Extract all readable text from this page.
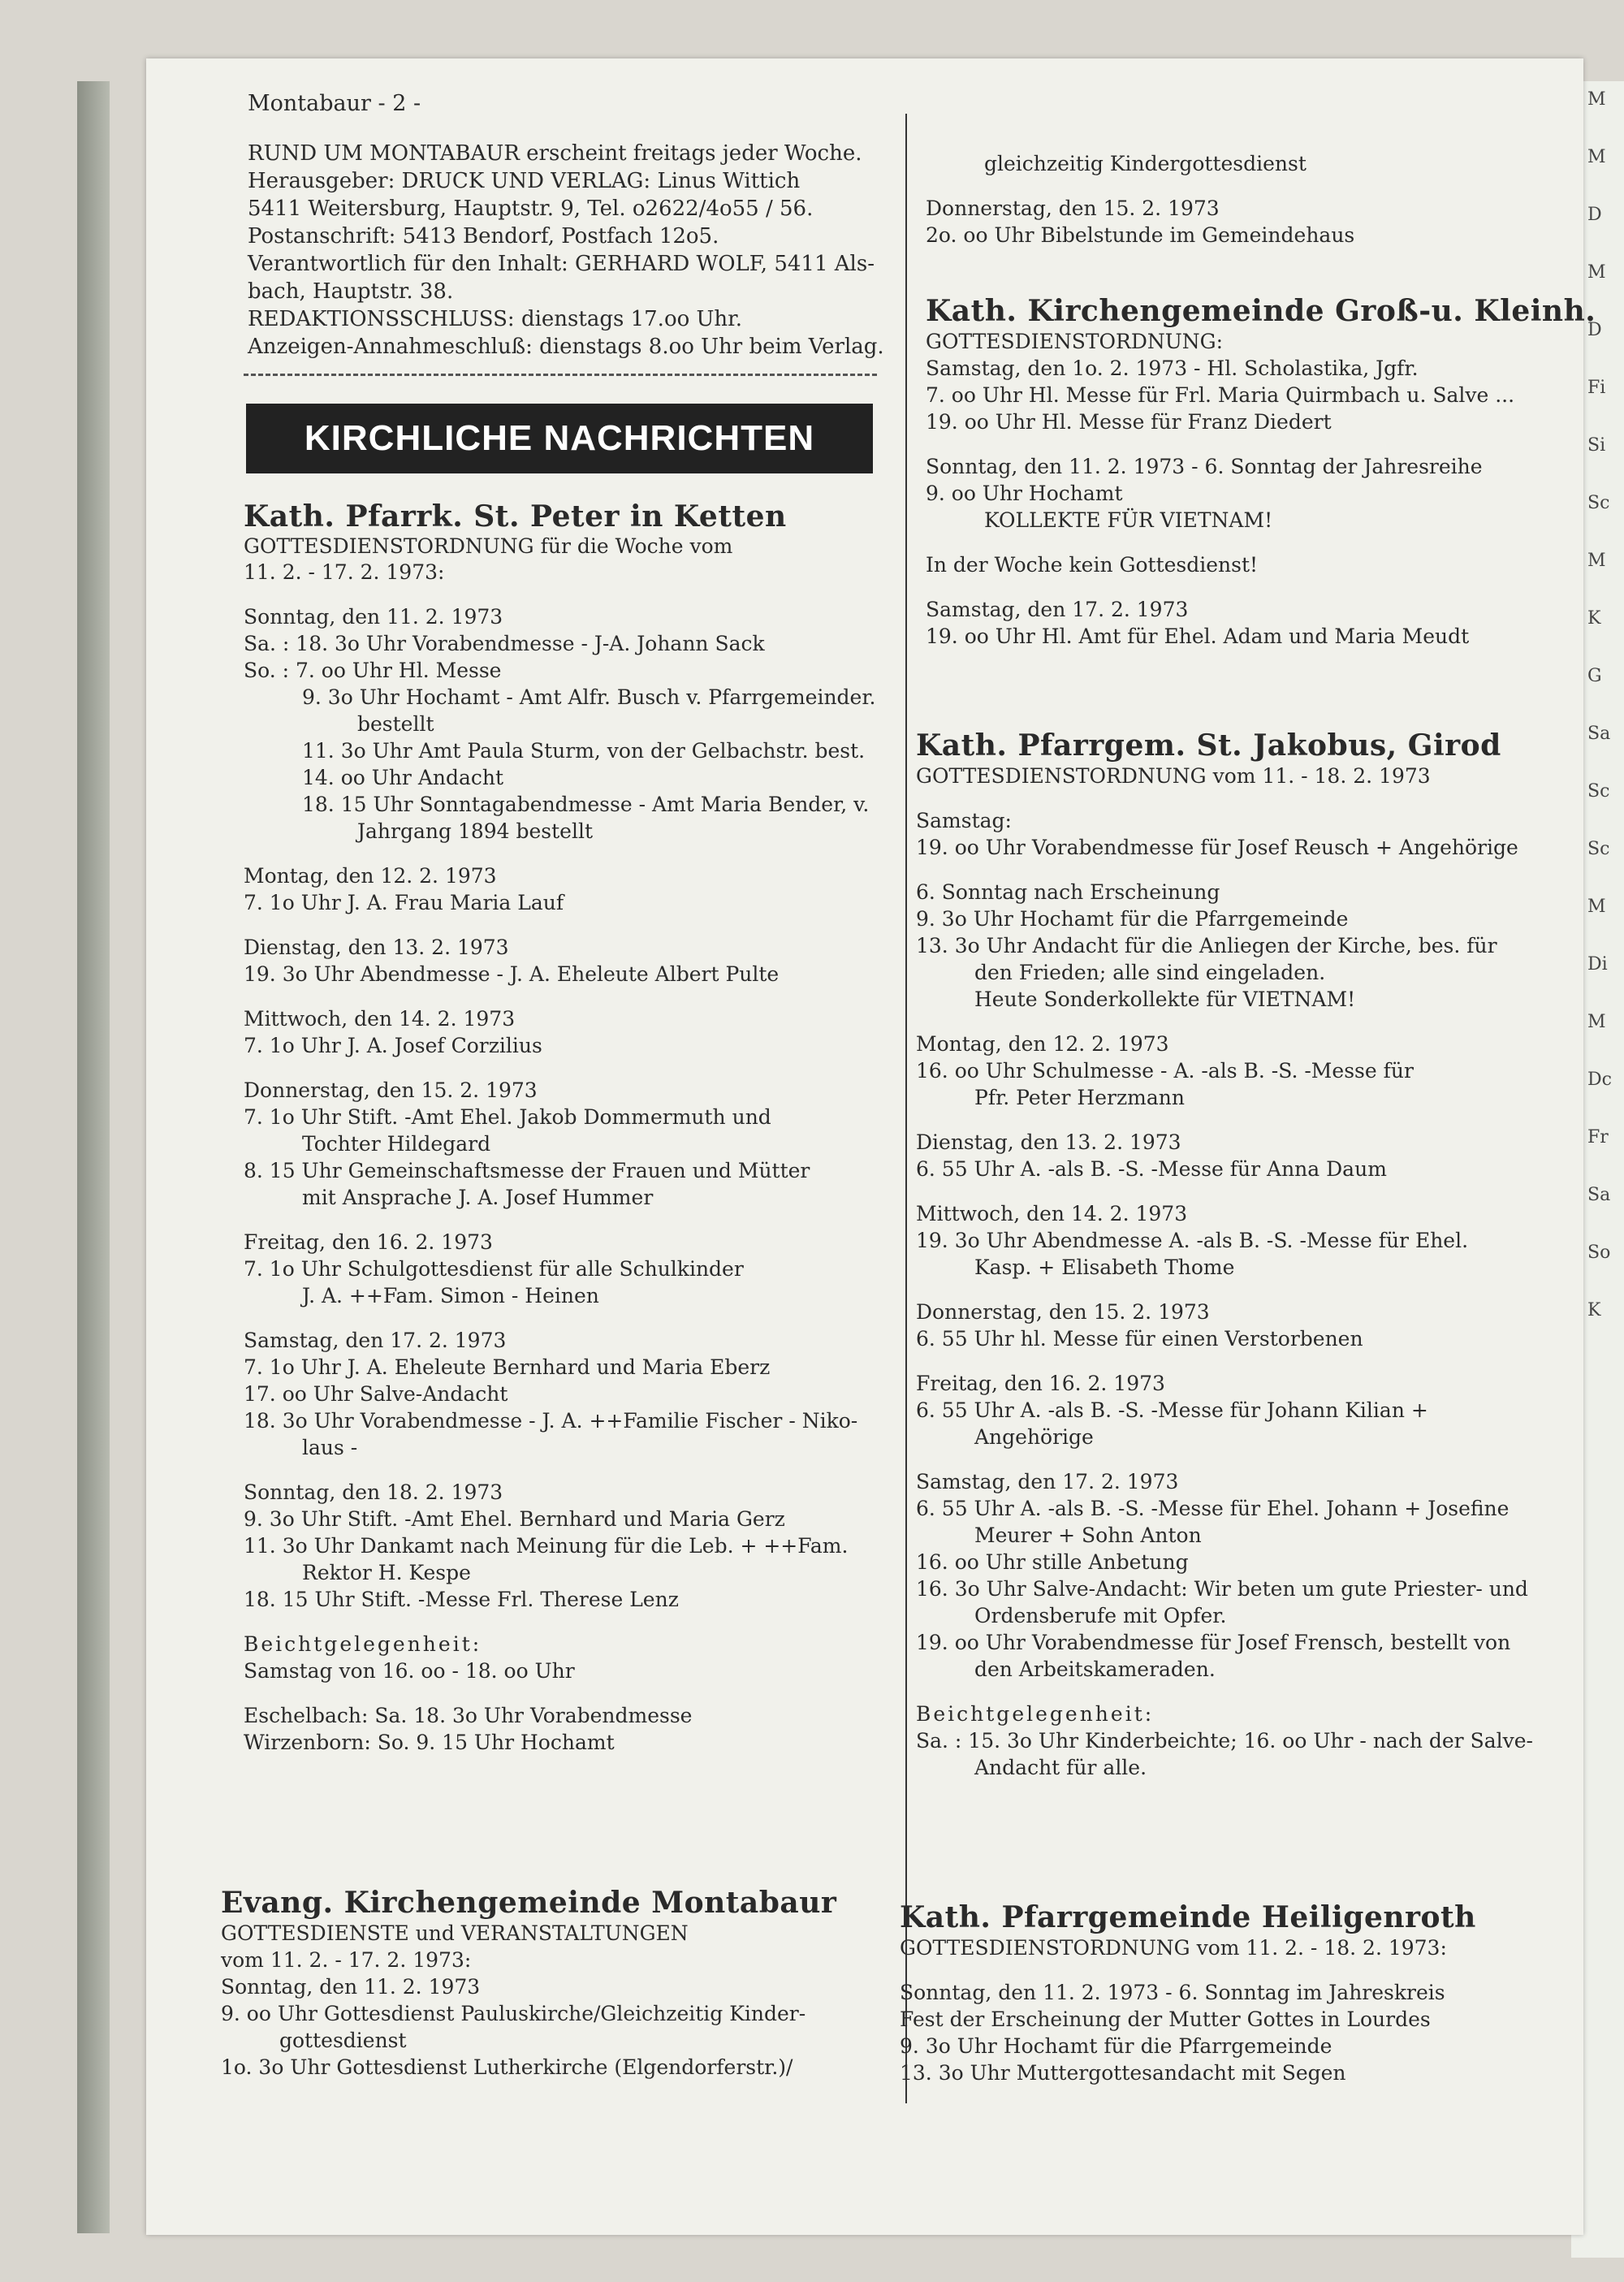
M
M
D
M
D
Fi
Si
Sc
M
K
G
Sa
Sc
Sc
M
Di
M
Dc
Fr
Sa
So
K
Montabaur - 2 -
RUND UM MONTABAUR erscheint freitags jeder Woche.
Herausgeber: DRUCK UND VERLAG: Linus Wittich
5411 Weitersburg, Hauptstr. 9, Tel. o2622/4o55 / 56.
Postanschrift: 5413 Bendorf, Postfach 12o5.
Verantwortlich für den Inhalt: GERHARD WOLF, 5411 Als-
bach, Hauptstr. 38.
REDAKTIONSSCHLUSS: dienstags 17.oo Uhr.
Anzeigen-Annahmeschluß: dienstags 8.oo Uhr beim Verlag.
KIRCHLICHE NACHRICHTEN
Kath. Pfarrk. St. Peter in Ketten
GOTTESDIENSTORDNUNG für die Woche vom
11. 2. - 17. 2. 1973:
Sonntag, den 11. 2. 1973
Sa. : 18. 3o Uhr Vorabendmesse - J-A. Johann Sack
So. : 7. oo Uhr Hl. Messe
9. 3o Uhr Hochamt - Amt Alfr. Busch v. Pfarrgemeinder.
bestellt
11. 3o Uhr Amt Paula Sturm, von der Gelbachstr. best.
14. oo Uhr Andacht
18. 15 Uhr Sonntagabendmesse - Amt Maria Bender, v.
Jahrgang 1894 bestellt
Montag, den 12. 2. 1973
7. 1o Uhr J. A. Frau Maria Lauf
Dienstag, den 13. 2. 1973
19. 3o Uhr Abendmesse - J. A. Eheleute Albert Pulte
Mittwoch, den 14. 2. 1973
7. 1o Uhr J. A. Josef Corzilius
Donnerstag, den 15. 2. 1973
7. 1o Uhr Stift. -Amt Ehel. Jakob Dommermuth und
Tochter Hildegard
8. 15 Uhr Gemeinschaftsmesse der Frauen und Mütter
mit Ansprache J. A. Josef Hummer
Freitag, den 16. 2. 1973
7. 1o Uhr Schulgottesdienst für alle Schulkinder
J. A. ++Fam. Simon - Heinen
Samstag, den 17. 2. 1973
7. 1o Uhr J. A. Eheleute Bernhard und Maria Eberz
17. oo Uhr Salve-Andacht
18. 3o Uhr Vorabendmesse - J. A. ++Familie Fischer - Niko-
laus -
Sonntag, den 18. 2. 1973
9. 3o Uhr Stift. -Amt Ehel. Bernhard und Maria Gerz
11. 3o Uhr Dankamt nach Meinung für die Leb. + ++Fam.
Rektor H. Kespe
18. 15 Uhr Stift. -Messe Frl. Therese Lenz
Beichtgelegenheit:
Samstag von 16. oo - 18. oo Uhr
Eschelbach: Sa. 18. 3o Uhr Vorabendmesse
Wirzenborn: So. 9. 15 Uhr Hochamt
Evang. Kirchengemeinde Montabaur
GOTTESDIENSTE und VERANSTALTUNGEN
vom 11. 2. - 17. 2. 1973:
Sonntag, den 11. 2. 1973
9. oo Uhr Gottesdienst Pauluskirche/Gleichzeitig Kinder-
gottesdienst
1o. 3o Uhr Gottesdienst Lutherkirche (Elgendorferstr.)/
gleichzeitig Kindergottesdienst
Donnerstag, den 15. 2. 1973
2o. oo Uhr Bibelstunde im Gemeindehaus
Kath. Kirchengemeinde Groß-u. Kleinh.
GOTTESDIENSTORDNUNG:
Samstag, den 1o. 2. 1973 - Hl. Scholastika, Jgfr.
7. oo Uhr Hl. Messe für Frl. Maria Quirmbach u. Salve ...
19. oo Uhr Hl. Messe für Franz Diedert
Sonntag, den 11. 2. 1973 - 6. Sonntag der Jahresreihe
9. oo Uhr Hochamt
KOLLEKTE FÜR VIETNAM!
In der Woche kein Gottesdienst!
Samstag, den 17. 2. 1973
19. oo Uhr Hl. Amt für Ehel. Adam und Maria Meudt
Kath. Pfarrgem. St. Jakobus, Girod
GOTTESDIENSTORDNUNG vom 11. - 18. 2. 1973
Samstag:
19. oo Uhr Vorabendmesse für Josef Reusch + Angehörige
6. Sonntag nach Erscheinung
9. 3o Uhr Hochamt für die Pfarrgemeinde
13. 3o Uhr Andacht für die Anliegen der Kirche, bes. für
den Frieden; alle sind eingeladen.
Heute Sonderkollekte für VIETNAM!
Montag, den 12. 2. 1973
16. oo Uhr Schulmesse - A. -als B. -S. -Messe für
Pfr. Peter Herzmann
Dienstag, den 13. 2. 1973
6. 55 Uhr A. -als B. -S. -Messe für Anna Daum
Mittwoch, den 14. 2. 1973
19. 3o Uhr Abendmesse A. -als B. -S. -Messe für Ehel.
Kasp. + Elisabeth Thome
Donnerstag, den 15. 2. 1973
6. 55 Uhr hl. Messe für einen Verstorbenen
Freitag, den 16. 2. 1973
6. 55 Uhr A. -als B. -S. -Messe für Johann Kilian +
Angehörige
Samstag, den 17. 2. 1973
6. 55 Uhr A. -als B. -S. -Messe für Ehel. Johann + Josefine
Meurer + Sohn Anton
16. oo Uhr stille Anbetung
16. 3o Uhr Salve-Andacht: Wir beten um gute Priester- und
Ordensberufe mit Opfer.
19. oo Uhr Vorabendmesse für Josef Frensch, bestellt von
den Arbeitskameraden.
Beichtgelegenheit:
Sa. : 15. 3o Uhr Kinderbeichte; 16. oo Uhr - nach der Salve-
Andacht für alle.
Kath. Pfarrgemeinde Heiligenroth
GOTTESDIENSTORDNUNG vom 11. 2. - 18. 2. 1973:
Sonntag, den 11. 2. 1973 - 6. Sonntag im Jahreskreis
Fest der Erscheinung der Mutter Gottes in Lourdes
9. 3o Uhr Hochamt für die Pfarrgemeinde
13. 3o Uhr Muttergottesandacht mit Segen
